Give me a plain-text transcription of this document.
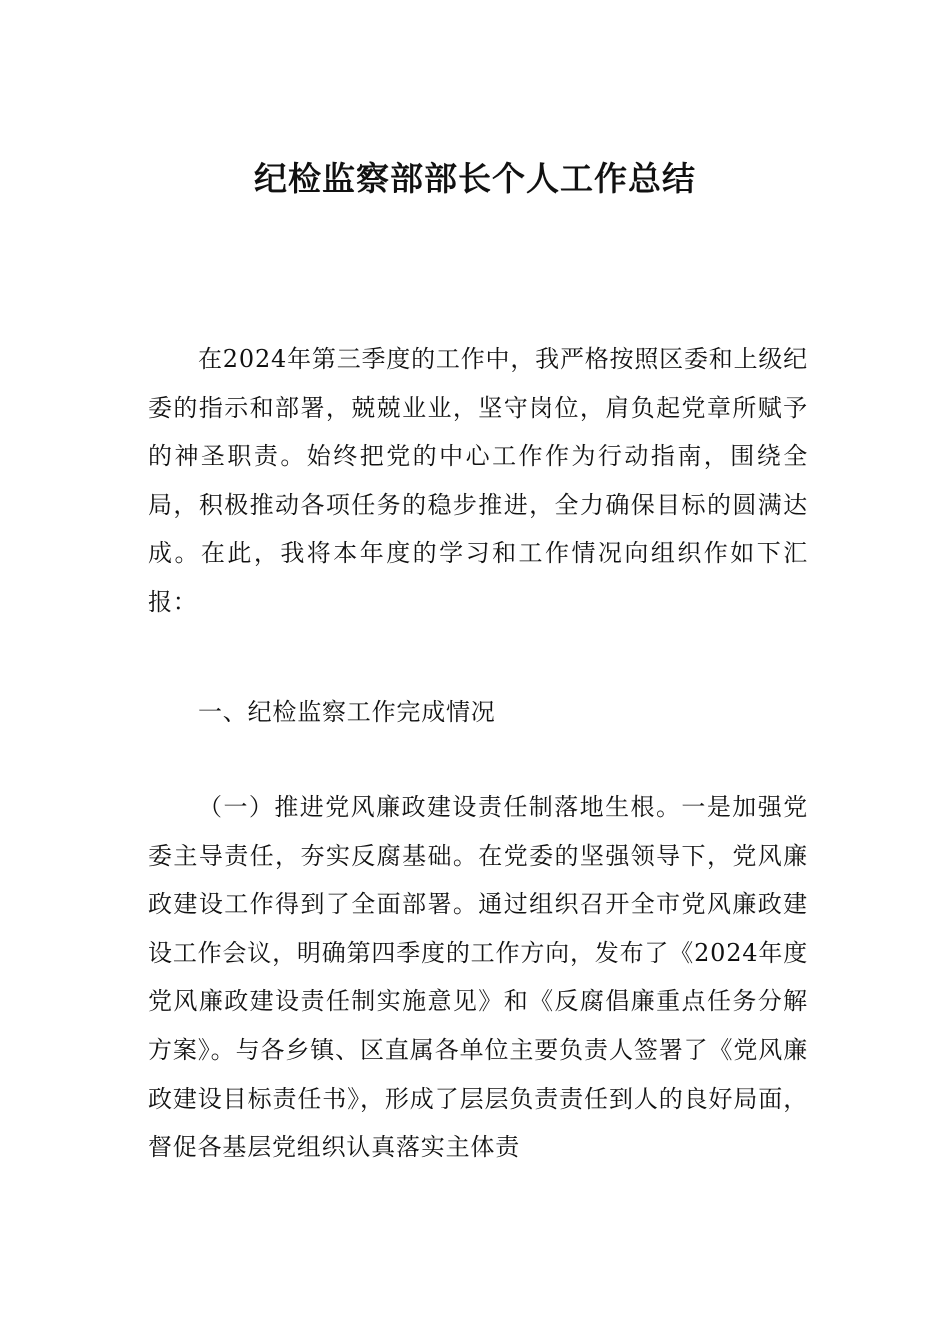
纪检监察部部长个人工作总结

在2024年第三季度的工作中，我严格按照区委和上级纪委的指示和部署，兢兢业业，坚守岗位，肩负起党章所赋予的神圣职责。始终把党的中心工作作为行动指南，围绕全局，积极推动各项任务的稳步推进，全力确保目标的圆满达成。在此，我将本年度的学习和工作情况向组织作如下汇报：

一、纪检监察工作完成情况

（一）推进党风廉政建设责任制落地生根。一是加强党委主导责任，夯实反腐基础。在党委的坚强领导下，党风廉政建设工作得到了全面部署。通过组织召开全市党风廉政建设工作会议，明确第四季度的工作方向，发布了《2024年度党风廉政建设责任制实施意见》和《反腐倡廉重点任务分解方案》。与各乡镇、区直属各单位主要负责人签署了《党风廉政建设目标责任书》，形成了层层负责责任到人的良好局面，督促各基层党组织认真落实主体责
